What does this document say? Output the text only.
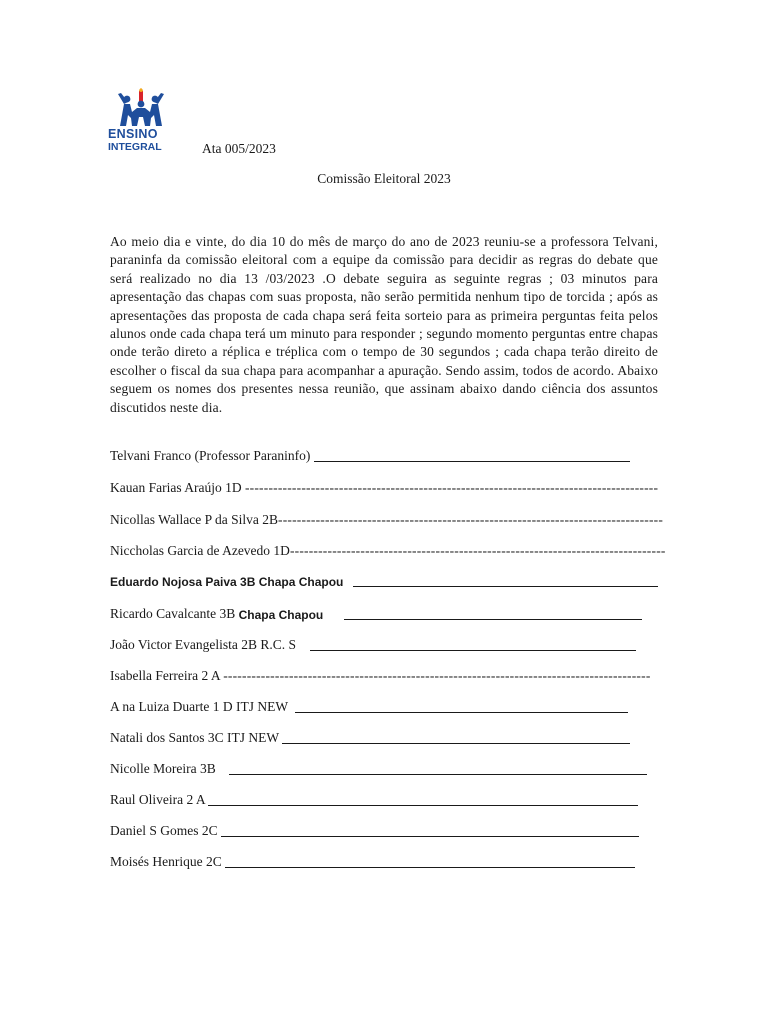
ENSINO
INTEGRAL	Ata 005/2023
Comissão Eleitoral 2023
Ao meio dia e vinte, do dia 10 do mês de março do ano de 2023 reuniu-se a professora Telvani, paraninfa da comissão eleitoral com a equipe da comissão para decidir as regras do debate que será realizado no dia 13 /03/2023 .O debate seguira as seguinte regras ; 03 minutos para apresentação das chapas com suas proposta, não serão permitida nenhum tipo de torcida ; após as apresentações das proposta de cada chapa será feita sorteio para as primeira perguntas feita pelos alunos onde cada chapa terá um minuto para responder ; segundo momento perguntas entre chapas onde terão direto a réplica e tréplica com o tempo de 30 segundos ; cada chapa terão direito de escolher o fiscal da sua chapa para acompanhar a apuração. Sendo assim, todos de acordo. Abaixo seguem os nomes dos presentes nessa reunião, que assinam abaixo dando ciência dos assuntos discutidos neste dia.
Telvani Franco (Professor Paraninfo)
Kauan Farias Araújo 1D ----------------------------------------------------------------------------------------
Nicollas Wallace P da Silva 2B ----------------------------------------------------------------------------------
Niccholas Garcia de Azevedo 1D --------------------------------------------------------------------------------
Eduardo Nojosa Paiva 3B Chapa Chapou
Ricardo Cavalcante 3B Chapa Chapou

João Victor Evangelista 2B R.C. S
Isabella Ferreira 2 A -------------------------------------------------------------------------------------------
A na Luiza Duarte 1 D ITJ NEW
Natali dos Santos 3C ITJ NEW
Nicolle Moreira 3B
Raul Oliveira 2 A
Daniel S Gomes 2C
Moisés Henrique 2C
